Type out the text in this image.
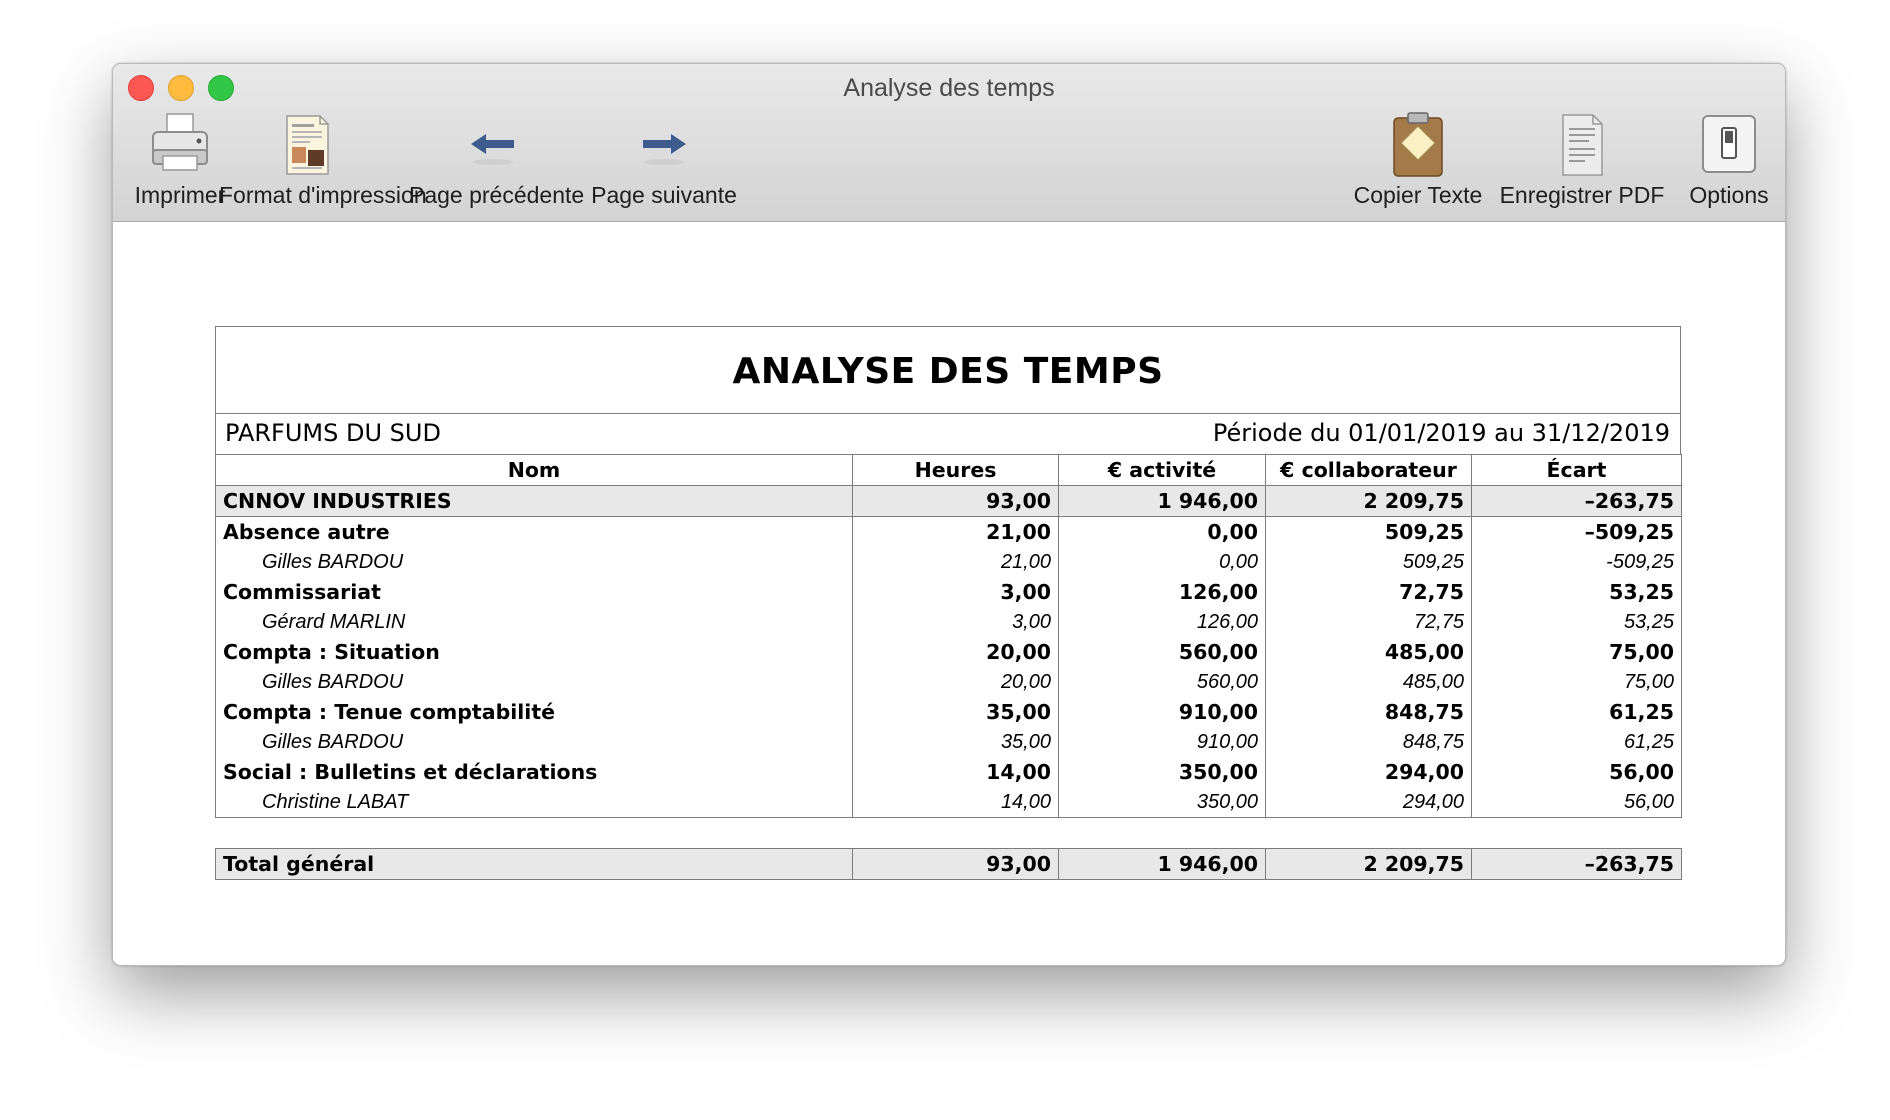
Analyse des temps
Imprimer
Format d'impression
Page précédente Page suivante	Copier Texte Enregistrer PDF	Options
ANALYSE DES TEMPS
PARFUMS DU SUD	Période du 01/01/2019 au 31/12/2019
Nom	Heures	€ activité	€ collaborateur	Écart
CNNOV INDUSTRIES	93,00	1 946,00	2 209,75	–263,75
Absence autre	21,00	0,00	509,25	–509,25
Gilles BARDOU	21,00	0,00	509,25	-509,25
Commissariat	3,00	126,00	72,75	53,25
Gérard MARLIN	3,00	126,00	72,75	53,25
Compta : Situation	20,00	560,00	485,00	75,00
Gilles BARDOU	20,00	560,00	485,00	75,00
Compta : Tenue comptabilité	35,00	910,00	848,75	61,25
Gilles BARDOU	35,00	910,00	848,75	61,25
Social : Bulletins et déclarations	14,00	350,00	294,00	56,00
Christine LABAT	14,00	350,00	294,00	56,00
Total général	93,00	1 946,00	2 209,75	–263,75
